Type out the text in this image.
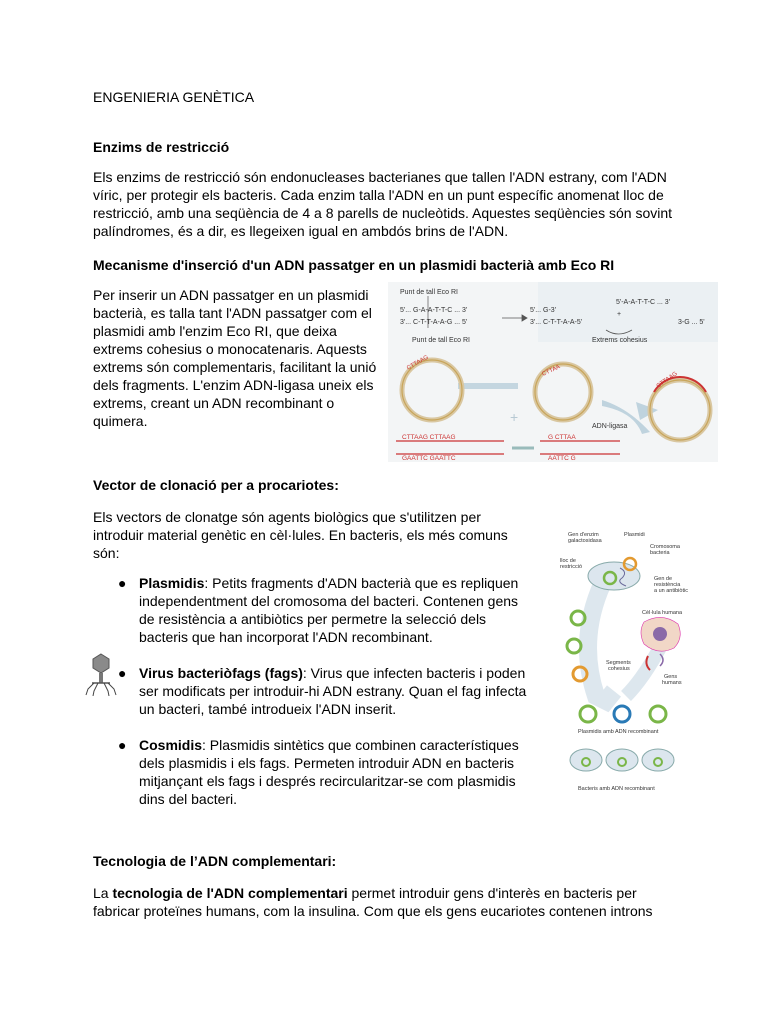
ENGENIERIA GENÈTICA

Enzims de restricció

Els enzims de restricció són endonucleases bacterianes que tallen l'ADN estrany, com l'ADN víric, per protegir els bacteris. Cada enzim talla l'ADN en un punt específic anomenat lloc de restricció, amb una seqüència de 4 a 8 parells de nucleòtids. Aquestes seqüències són sovint palíndromes, és a dir, es llegeixen igual en ambdós brins de l'ADN.

Mecanisme d'inserció d'un ADN passatger en un plasmidi bacterià amb Eco RI

Per inserir un ADN passatger en un plasmidi bacterià, es talla tant l'ADN passatger com el plasmidi amb l'enzim Eco RI, que deixa extrems cohesius o monocatenaris. Aquests extrems són complementaris, facilitant la unió dels fragments. L'enzim ADN-ligasa uneix els extrems, creant un ADN recombinant o quimera.

Punt de tall Eco RI
5'... G-A-A-T-T-C ... 3'
3'... C-T-T-A-A-G ... 5'
Punt de tall Eco RI
5'... G-3'
3'... C-T-T-A-A-5'
5'-A-A-T-T-C ... 3'
3-G ... 5'
+
Extrems cohesius
ADN-ligasa
CTTAAG	CTTAA
+
CTTAAG
CTTAAG CTTAAG
GAATTC GAATTC
G CTTAA
AATTC G

Vector de clonació per a procariotes:

Els vectors de clonatge són agents biològics que s'utilitzen per introduir material genètic en cèl·lules. En bacteris, els més comuns són:

● Plasmidis: Petits fragments d'ADN bacterià que es repliquen independentment del cromosoma del bacteri. Contenen gens de resistència a antibiòtics per permetre la selecció dels bacteris que han incorporat l'ADN recombinant.
● Virus bacteriòfags (fags): Virus que infecten bacteris i poden ser modificats per introduir-hi ADN estrany. Quan el fag infecta un bacteri, també introdueix l'ADN inserit.
● Cosmidis: Plasmidis sintètics que combinen característiques dels plasmidis i els fags. Permeten introduir ADN en bacteris mitjançant els fags i després recircularitzar-se com plasmidis dins del bacteri.
Gen d'enzim
galactosidasa
Plasmidi
Cromosoma
bacteria
lloc de
restricció
Gen de
resistència
a un antibiòtic
Cèl·lula humana
Segments
cohesius
Gens
humans
Plasmidis amb ADN recombinant
Bacteris amb ADN recombinant

Tecnologia de l’ADN complementari:

La tecnologia de l'ADN complementari permet introduir gens d'interès en bacteris per fabricar proteïnes humans, com la insulina. Com que els gens eucariotes contenen introns
